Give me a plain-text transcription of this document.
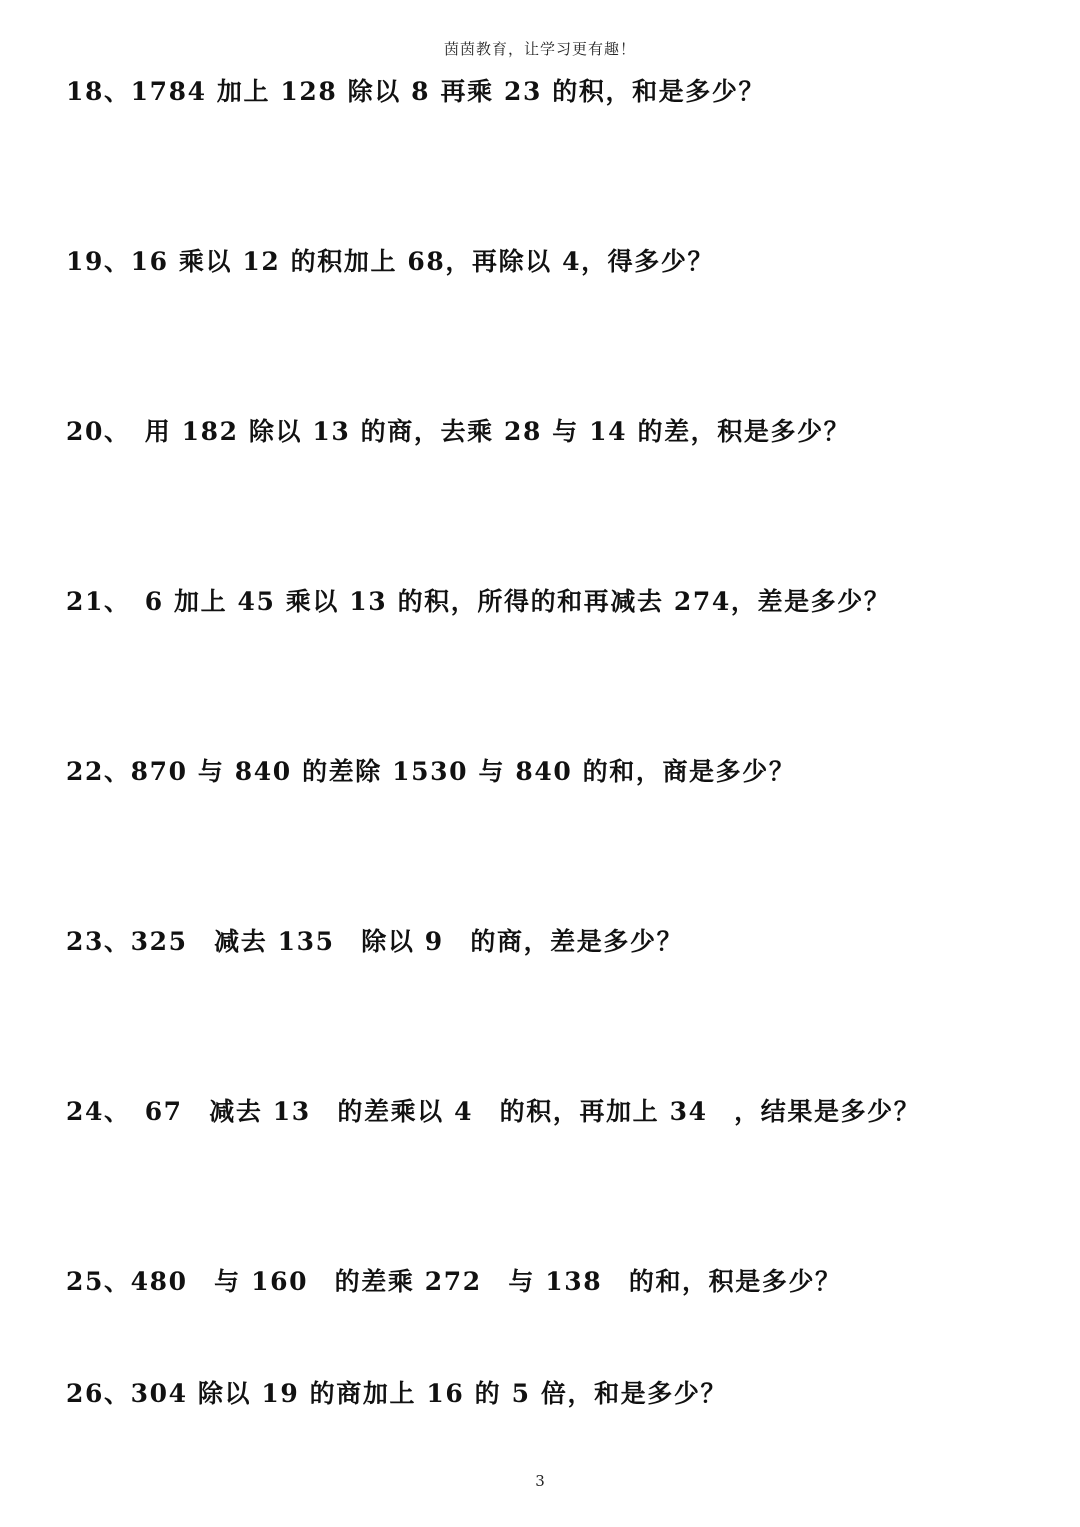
茵茵教育，让学习更有趣！
18、1784 加上 128 除以 8 再乘 23 的积，和是多少？
19、16 乘以 12 的积加上 68，再除以 4，得多少？
20、　用 182 除以 13 的商，去乘 28 与 14 的差，积是多少？
21、　6 加上 45 乘以 13 的积，所得的和再减去 274，差是多少？
22、870 与 840 的差除 1530 与 840 的和，商是多少？
23、325　减去 135　除以 9　的商，差是多少？
24、　67　减去 13　的差乘以 4　的积，再加上 34　，结果是多少？
25、480　与 160　的差乘 272　与 138　的和，积是多少？
26、304 除以 19 的商加上 16 的 5 倍，和是多少？
3
